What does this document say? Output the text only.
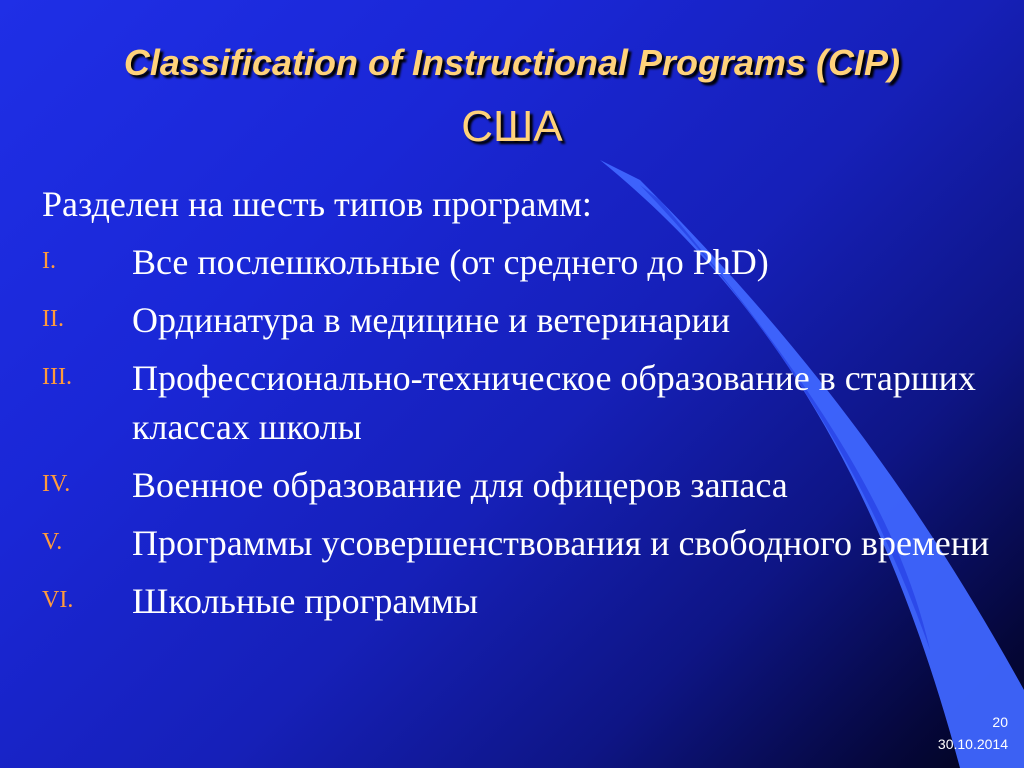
Classification of Instructional Programs (CIP)
США
Разделен на шесть типов программ:
I.	Все послешкольные (от среднего до PhD)
II.	Ординатура в медицине и ветеринарии
III.	Профессионально-техническое образование в старших классах школы
IV.	Военное образование для офицеров запаса
V.	Программы усовершенствования и свободного времени
VI.	Школьные программы
20
30.10.2014
